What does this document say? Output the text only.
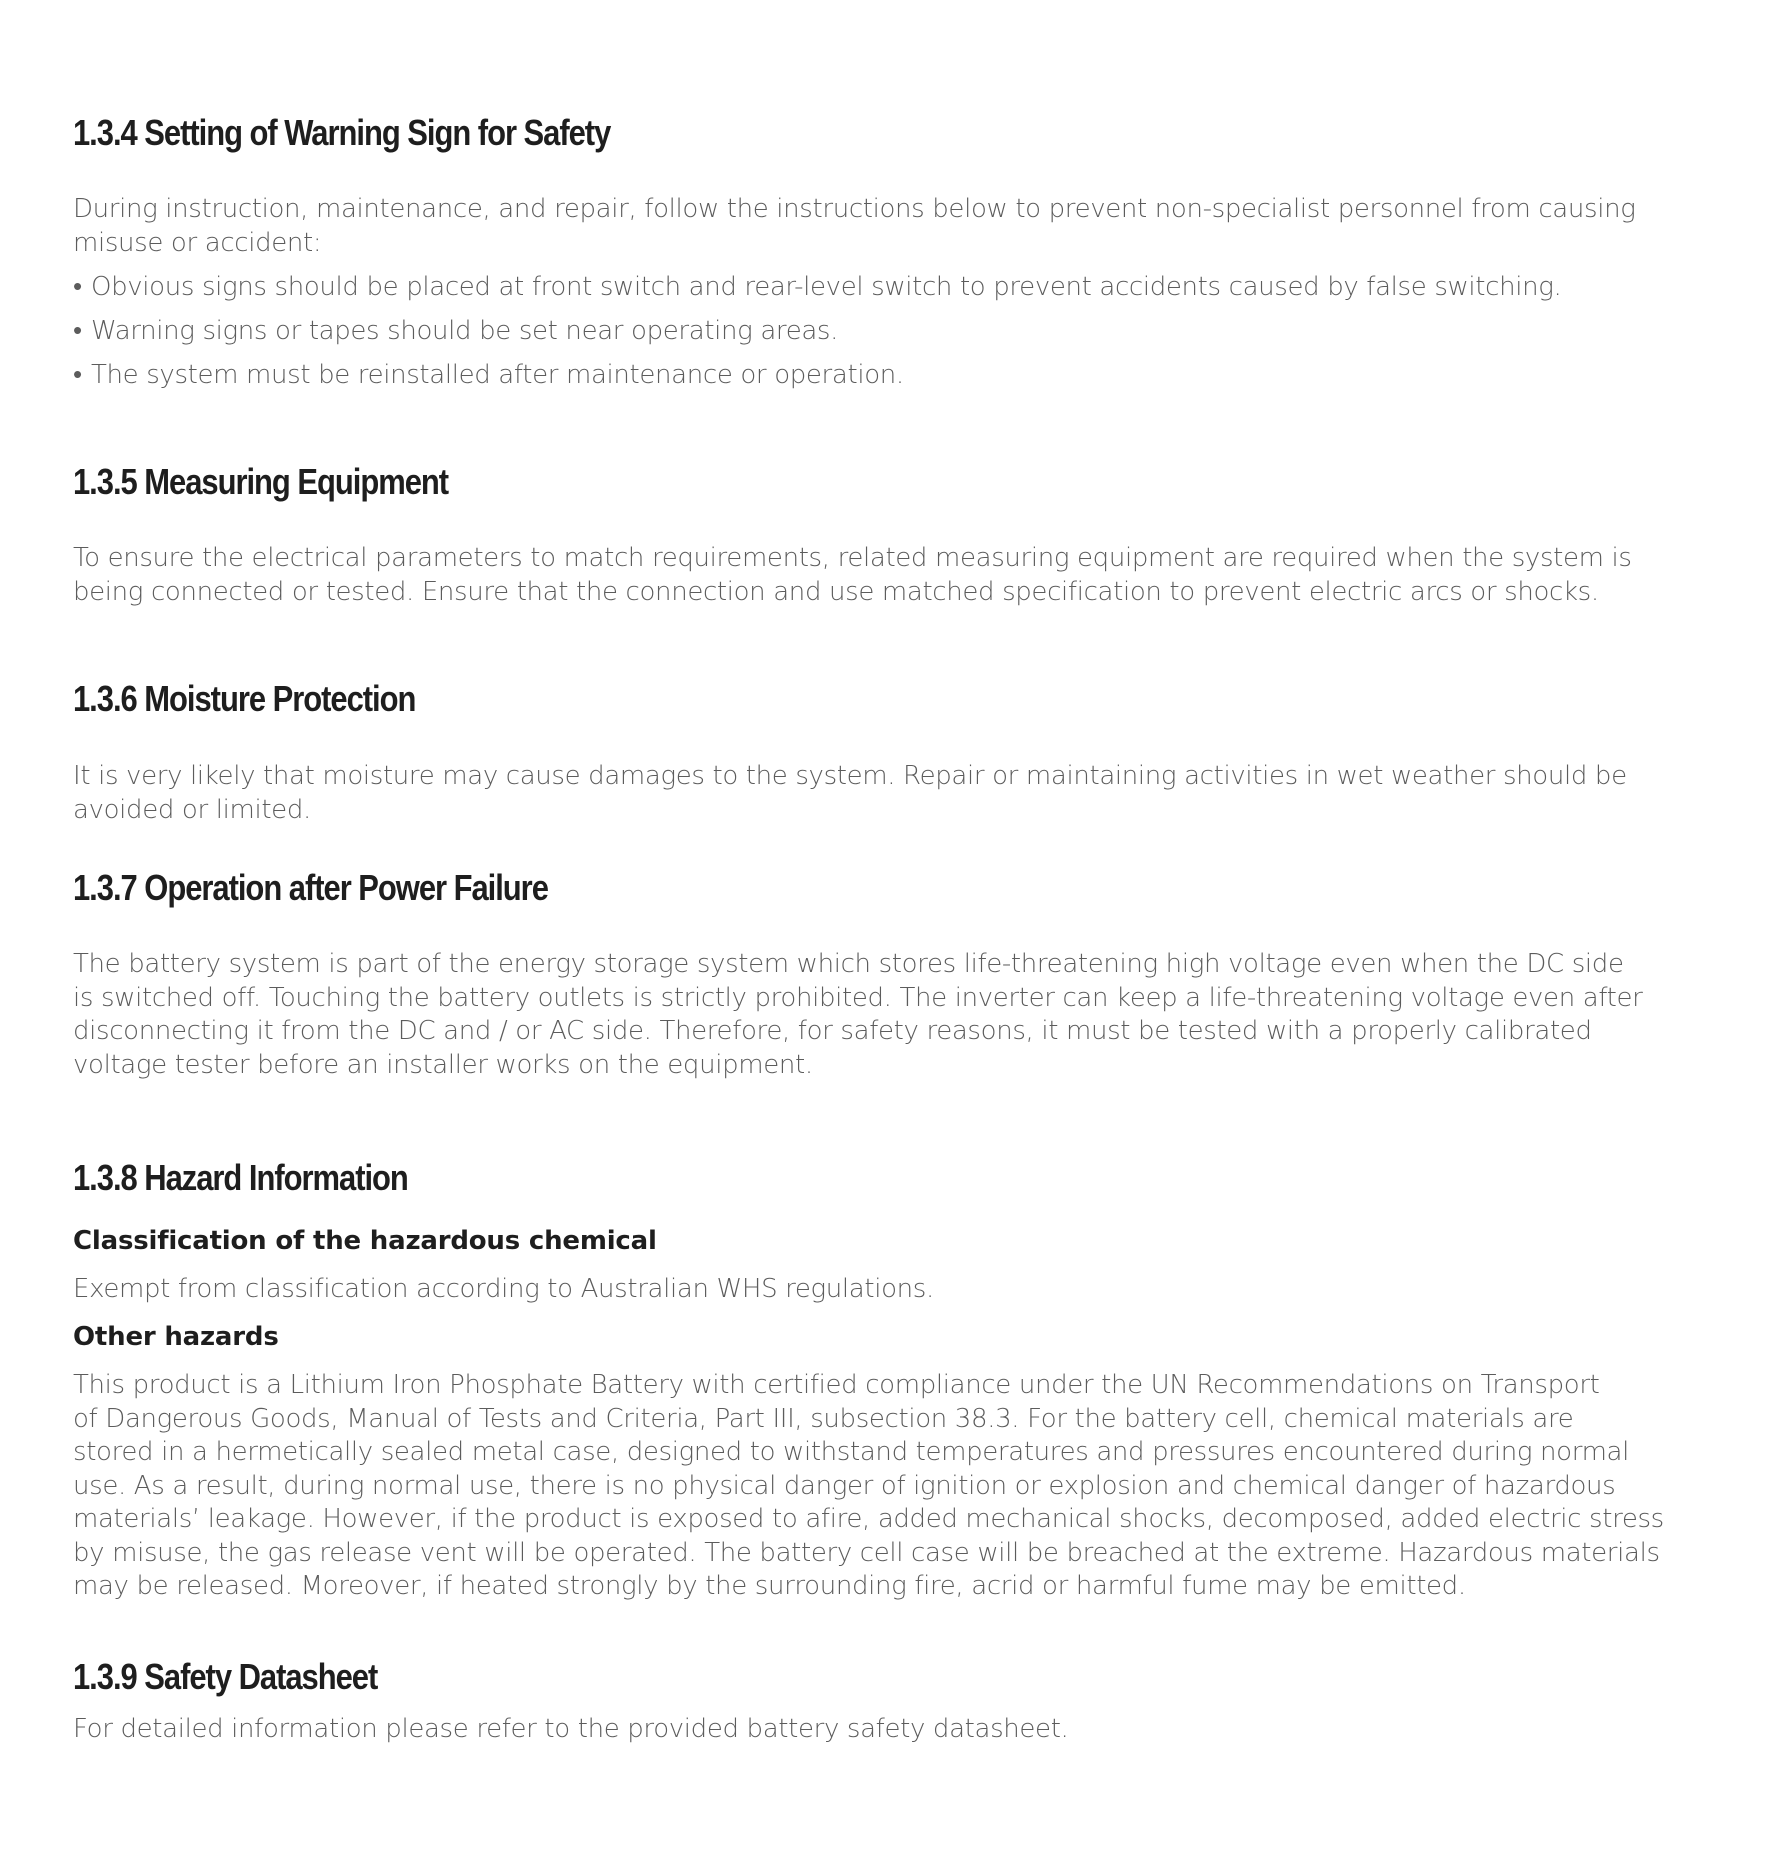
1.3.4 Setting of Warning Sign for Safety

During instruction, maintenance, and repair, follow the instructions below to prevent non-specialist personnel from causing
misuse or accident:

• Obvious signs should be placed at front switch and rear-level switch to prevent accidents caused by false switching.
• Warning signs or tapes should be set near operating areas.
• The system must be reinstalled after maintenance or operation.
1.3.5 Measuring Equipment

To ensure the electrical parameters to match requirements, related measuring equipment are required when the system is
being connected or tested. Ensure that the connection and use matched specification to prevent electric arcs or shocks.

1.3.6 Moisture Protection

It is very likely that moisture may cause damages to the system. Repair or maintaining activities in wet weather should be
avoided or limited.

1.3.7 Operation after Power Failure

The battery system is part of the energy storage system which stores life-threatening high voltage even when the DC side
is switched off. Touching the battery outlets is strictly prohibited. The inverter can keep a life-threatening voltage even after
disconnecting it from the DC and / or AC side. Therefore, for safety reasons, it must be tested with a properly calibrated
voltage tester before an installer works on the equipment.

1.3.8 Hazard Information
Classification of the hazardous chemical

Exempt from classification according to Australian WHS regulations.

Other hazards

This product is a Lithium Iron Phosphate Battery with certified compliance under the UN Recommendations on Transport
of Dangerous Goods, Manual of Tests and Criteria, Part III, subsection 38.3. For the battery cell, chemical materials are
stored in a hermetically sealed metal case, designed to withstand temperatures and pressures encountered during normal
use. As a result, during normal use, there is no physical danger of ignition or explosion and chemical danger of hazardous
materials’ leakage. However, if the product is exposed to afire, added mechanical shocks, decomposed, added electric stress
by misuse, the gas release vent will be operated. The battery cell case will be breached at the extreme. Hazardous materials
may be released. Moreover, if heated strongly by the surrounding fire, acrid or harmful fume may be emitted.

1.3.9 Safety Datasheet

For detailed information please refer to the provided battery safety datasheet.
